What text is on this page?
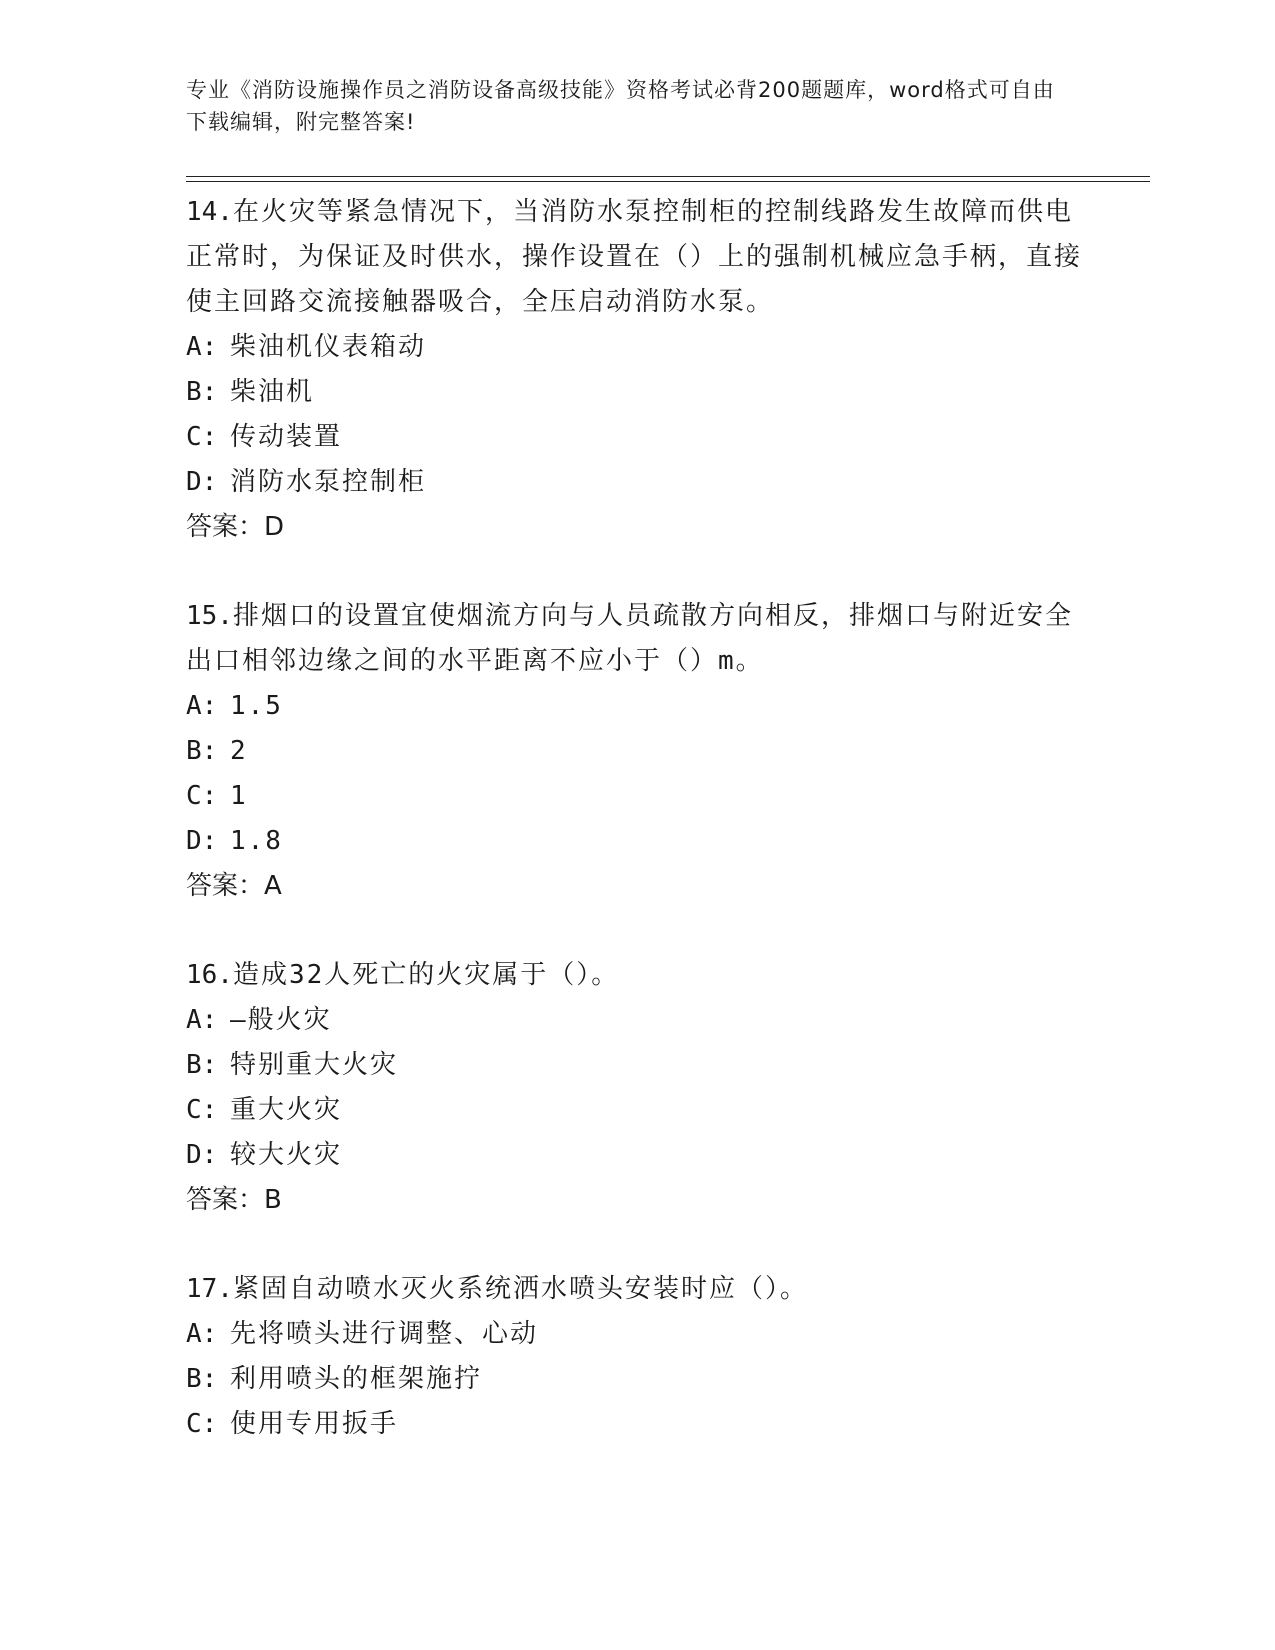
专业《消防设施操作员之消防设备高级技能》资格考试必背200题题库，word格式可自由下载编辑，附完整答案!

14.在火灾等紧急情况下，当消防水泵控制柜的控制线路发生故障而供电正常时，为保证及时供水，操作设置在（）上的强制机械应急手柄，直接使主回路交流接触器吸合，全压启动消防水泵。

A: 柴油机仪表箱动
B: 柴油机
C: 传动装置
D: 消防水泵控制柜
答案：D

15.排烟口的设置宜使烟流方向与人员疏散方向相反，排烟口与附近安全出口相邻边缘之间的水平距离不应小于（）m。

A: 1.5
B: 2
C: 1
D: 1.8
答案：A

16.造成32人死亡的火灾属于（）。

A: —般火灾
B: 特别重大火灾
C: 重大火灾
D: 较大火灾
答案：B

17.紧固自动喷水灭火系统洒水喷头安装时应（）。

A: 先将喷头进行调整、心动
B: 利用喷头的框架施拧
C: 使用专用扳手
